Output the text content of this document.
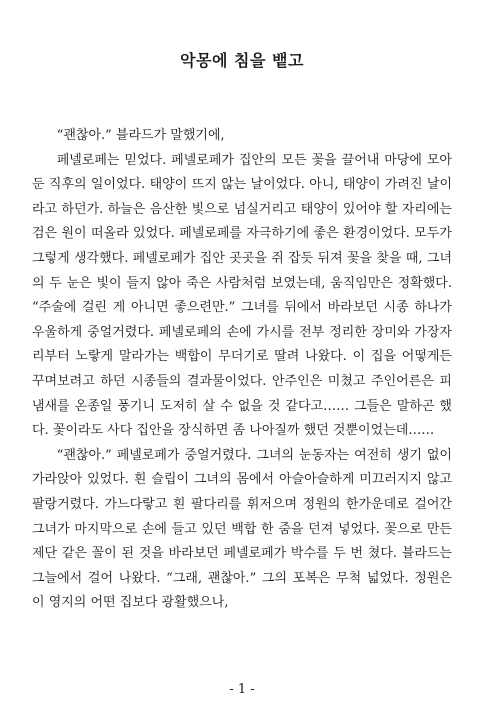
악몽에 침을 뱉고

“괜찮아.” 블라드가 말했기에,

페넬로페는 믿었다. 페넬로페가 집안의 모든 꽃을 끌어내 마당에 모아둔 직후의 일이었다. 태양이 뜨지 않는 날이었다. 아니, 태양이 가려진 날이라고 하던가. 하늘은 음산한 빛으로 넘실거리고 태양이 있어야 할 자리에는 검은 원이 떠올라 있었다. 페넬로페를 자극하기에 좋은 환경이었다. 모두가 그렇게 생각했다. 페넬로페가 집안 곳곳을 쥐 잡듯 뒤져 꽃을 찾을 때, 그녀의 두 눈은 빛이 들지 않아 죽은 사람처럼 보였는데, 움직임만은 정확했다. “주술에 걸린 게 아니면 좋으련만.” 그녀를 뒤에서 바라보던 시종 하나가 우울하게 중얼거렸다. 페넬로페의 손에 가시를 전부 정리한 장미와 가장자리부터 노랗게 말라가는 백합이 무더기로 딸려 나왔다. 이 집을 어떻게든 꾸며보려고 하던 시종들의 결과물이었다. 안주인은 미쳤고 주인어른은 피 냄새를 온종일 풍기니 도저히 살 수 없을 것 같다고…… 그들은 말하곤 했다. 꽃이라도 사다 집안을 장식하면 좀 나아질까 했던 것뿐이었는데……

“괜찮아.” 페넬로페가 중얼거렸다. 그녀의 눈동자는 여전히 생기 없이 가라앉아 있었다. 흰 슬립이 그녀의 몸에서 아슬아슬하게 미끄러지지 않고 팔랑거렸다. 가느다랗고 흰 팔다리를 휘저으며 정원의 한가운데로 걸어간 그녀가 마지막으로 손에 들고 있던 백합 한 줌을 던져 넣었다. 꽃으로 만든 제단 같은 꼴이 된 것을 바라보던 페넬로페가 박수를 두 번 쳤다. 블라드는 그늘에서 걸어 나왔다. “그래, 괜찮아.” 그의 포복은 무척 넓었다. 정원은 이 영지의 어떤 집보다 광활했으나,

- 1 -
